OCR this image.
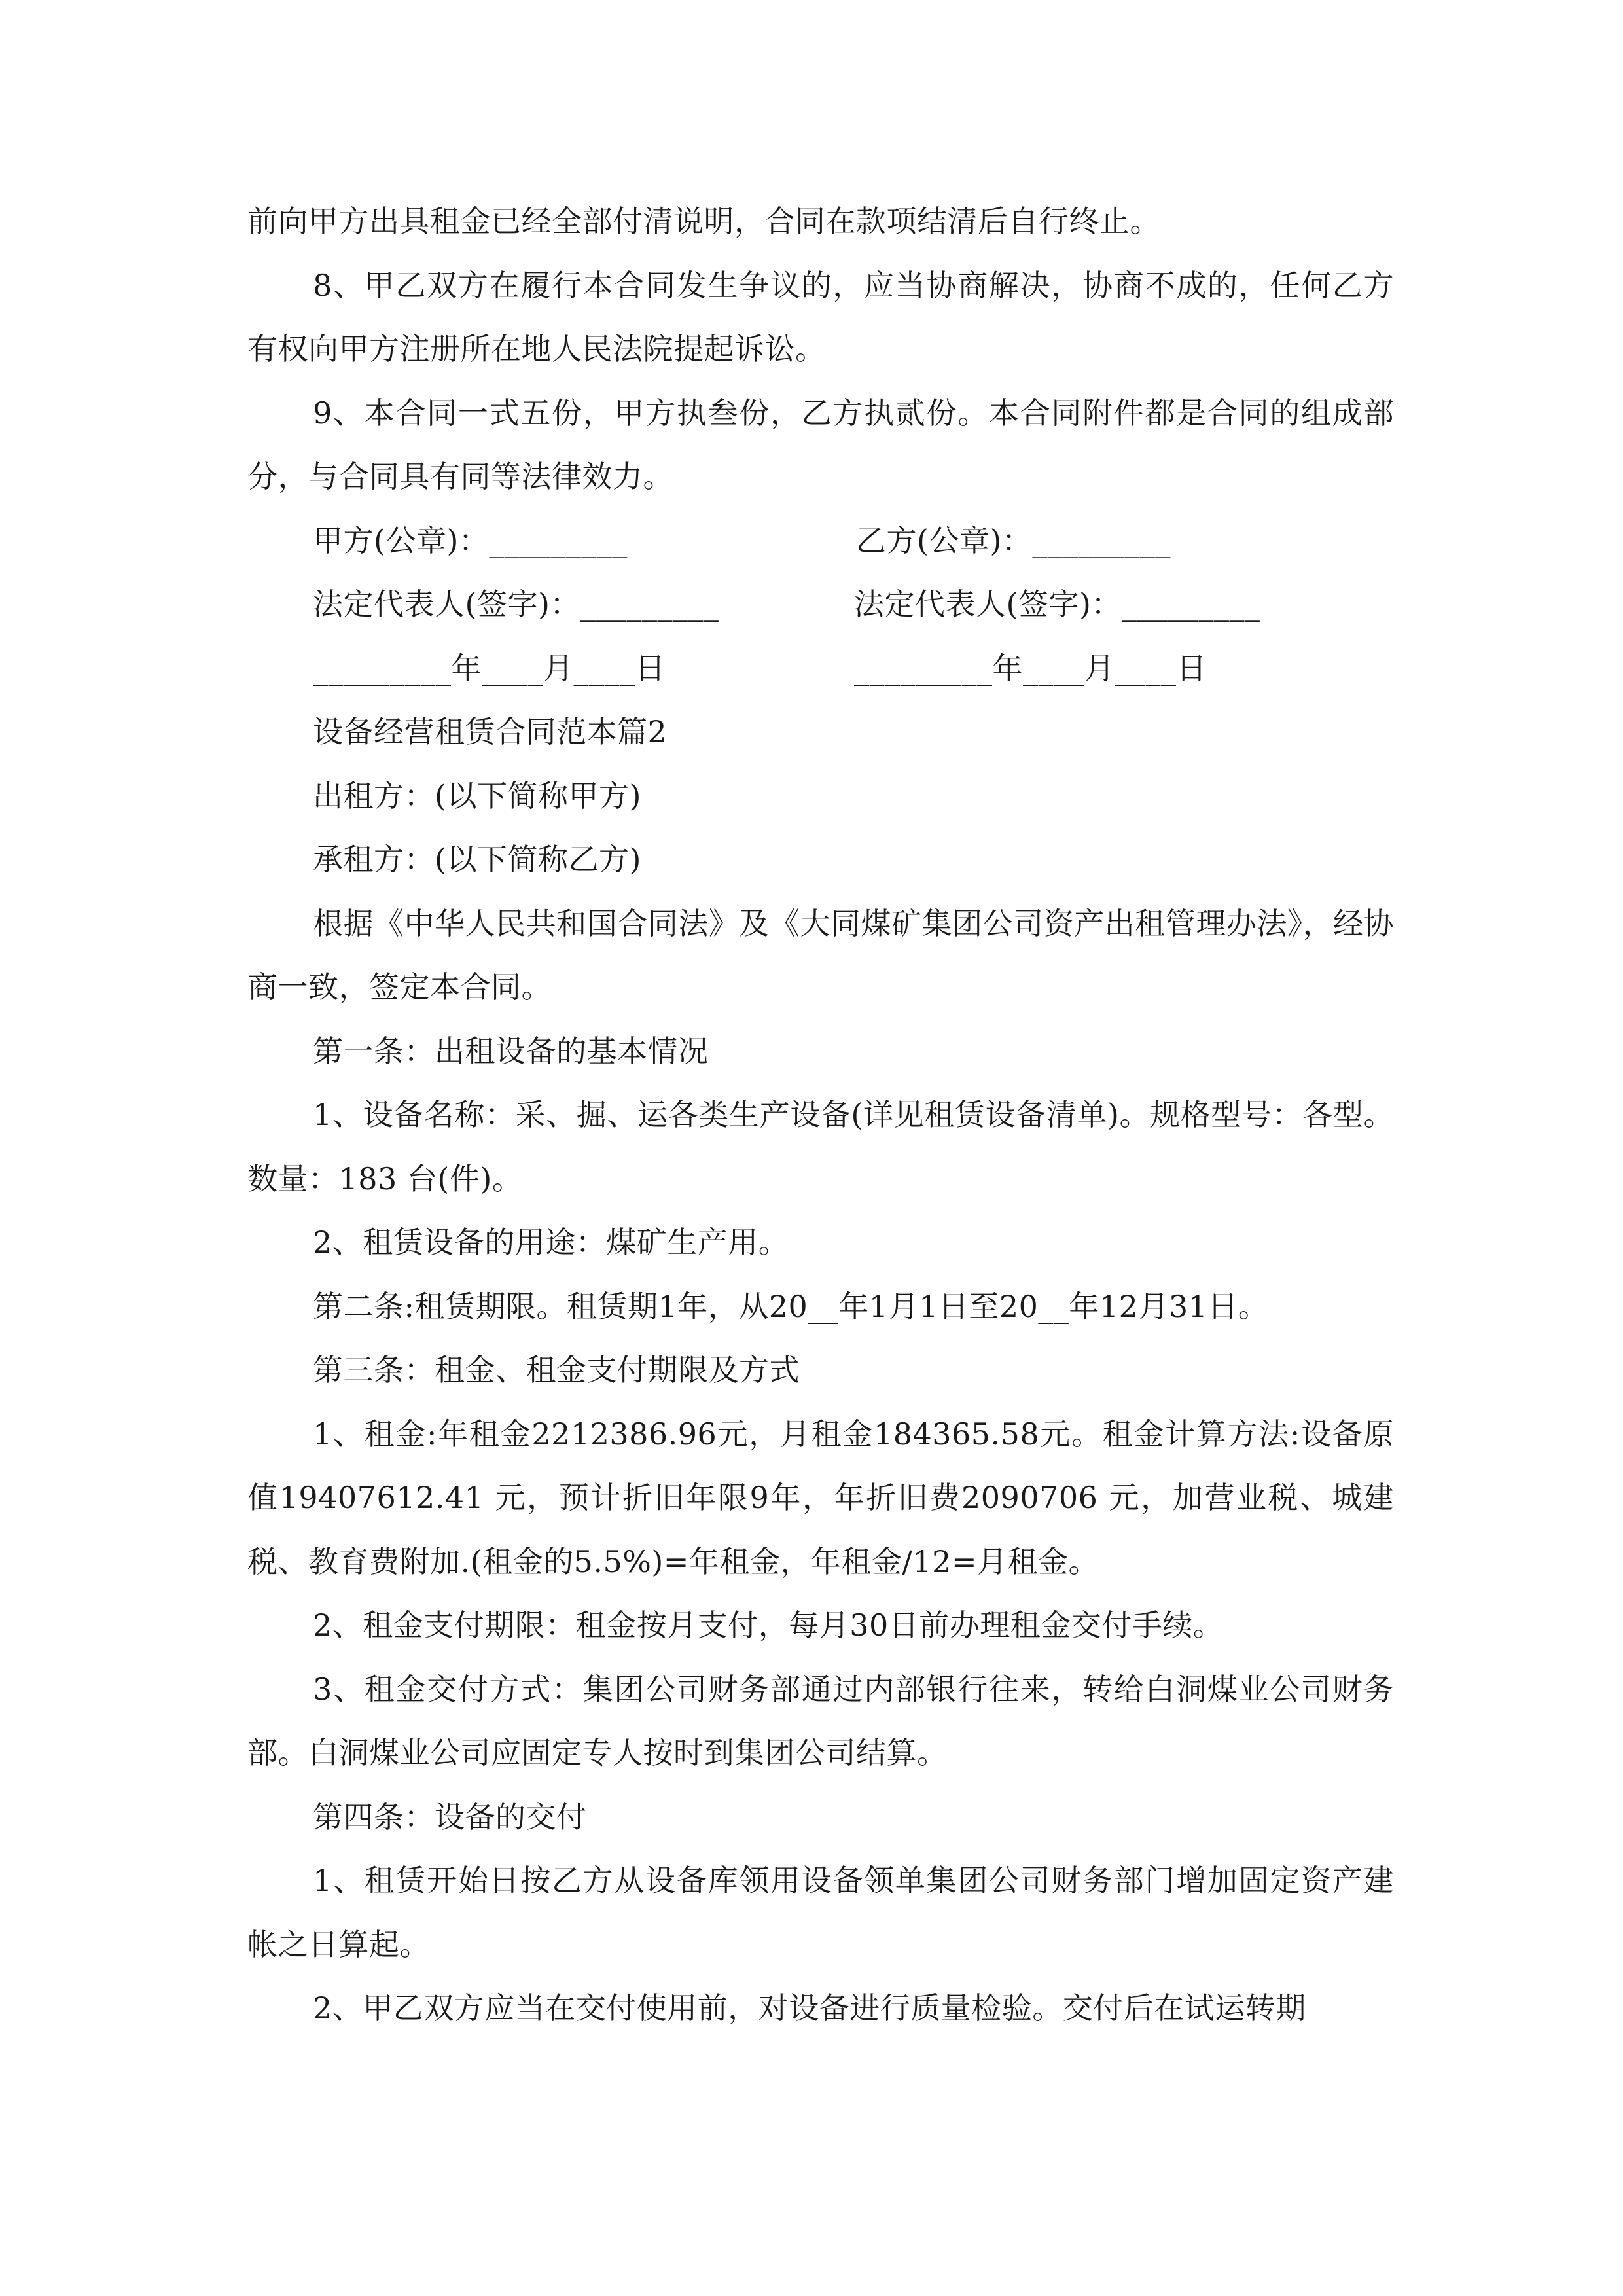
前向甲方出具租金已经全部付清说明，合同在款项结清后自行终止。

8、甲乙双方在履行本合同发生争议的，应当协商解决，协商不成的，任何乙方有权向甲方注册所在地人民法院提起诉讼。

9、本合同一式五份，甲方执叁份，乙方执贰份。本合同附件都是合同的组成部分，与合同具有同等法律效力。

甲方(公章)：_________	乙方(公章)：_________
法定代表人(签字)：_________	法定代表人(签字)：_________
_________年____月____日	_________年____月____日

设备经营租赁合同范本篇2

出租方：(以下简称甲方)

承租方：(以下简称乙方)

根据《中华人民共和国合同法》及《大同煤矿集团公司资产出租管理办法》，经协商一致，签定本合同。

第一条：出租设备的基本情况

1、设备名称：采、掘、运各类生产设备(详见租赁设备清单)。规格型号：各型。数量：183 台(件)。

2、租赁设备的用途：煤矿生产用。

第二条:租赁期限。租赁期1年，从20__年1月1日至20__年12月31日。

第三条：租金、租金支付期限及方式

1、租金:年租金2212386.96元，月租金184365.58元。租金计算方法:设备原值19407612.41 元，预计折旧年限9年，年折旧费2090706 元，加营业税、城建税、教育费附加.(租金的5.5%)=年租金，年租金/12=月租金。

2、租金支付期限：租金按月支付，每月30日前办理租金交付手续。

3、租金交付方式：集团公司财务部通过内部银行往来，转给白洞煤业公司财务部。白洞煤业公司应固定专人按时到集团公司结算。

第四条：设备的交付

1、租赁开始日按乙方从设备库领用设备领单集团公司财务部门增加固定资产建帐之日算起。

2、甲乙双方应当在交付使用前，对设备进行质量检验。交付后在试运转期
